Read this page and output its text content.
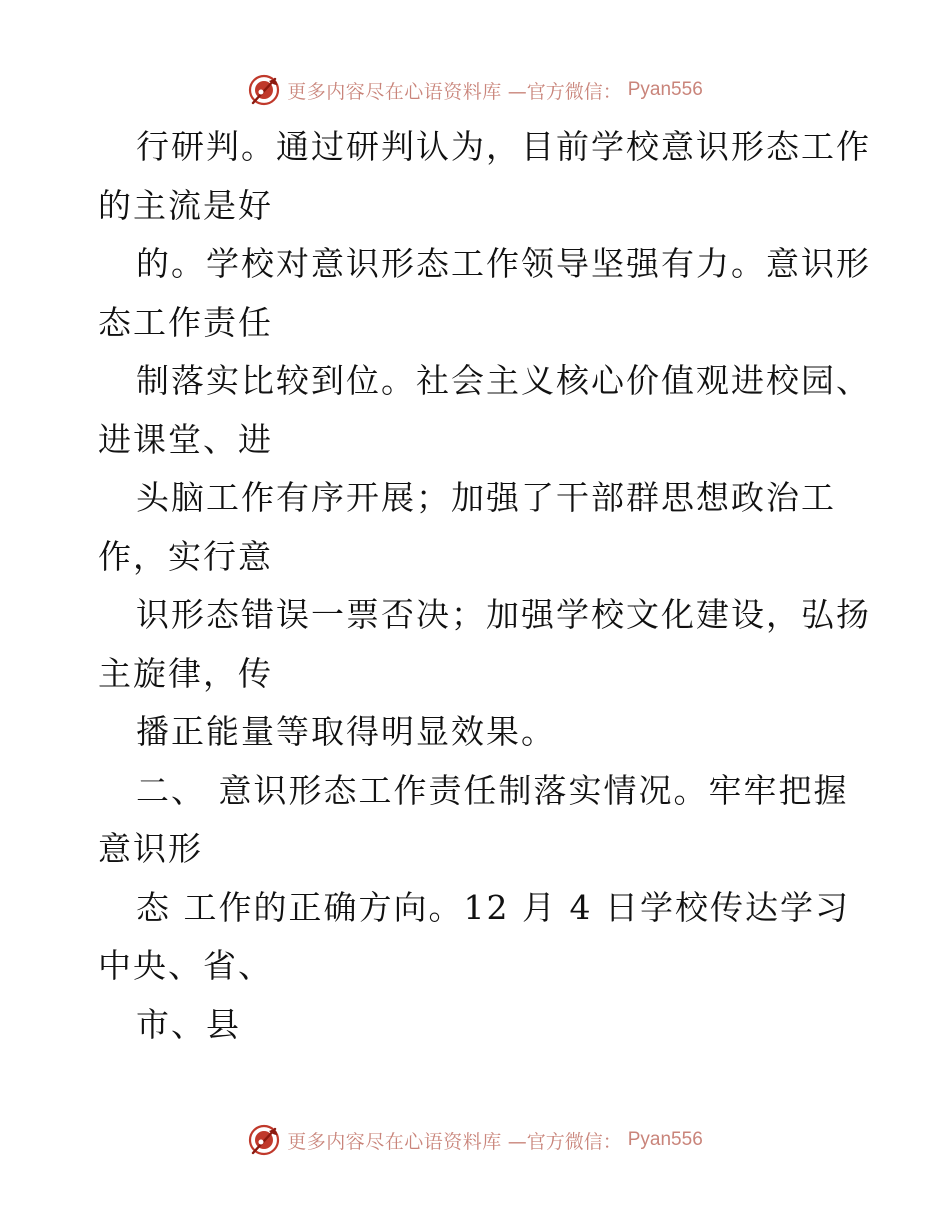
更多内容尽在心语资料库 —官方微信： Pyan556
行研判。通过研判认为，目前学校意识形态工作
的主流是好
的。学校对意识形态工作领导坚强有力。意识形
态工作责任
制落实比较到位。社会主义核心价值观进校园、
进课堂、进
头脑工作有序开展；加强了干部群思想政治工
作，实行意
识形态错误一票否决；加强学校文化建设，弘扬
主旋律，传
播正能量等取得明显效果。
二、 意识形态工作责任制落实情况。牢牢把握
意识形
态 工作的正确方向。12 月 4 日学校传达学习
中央、省、
市、县
更多内容尽在心语资料库 —官方微信： Pyan556
